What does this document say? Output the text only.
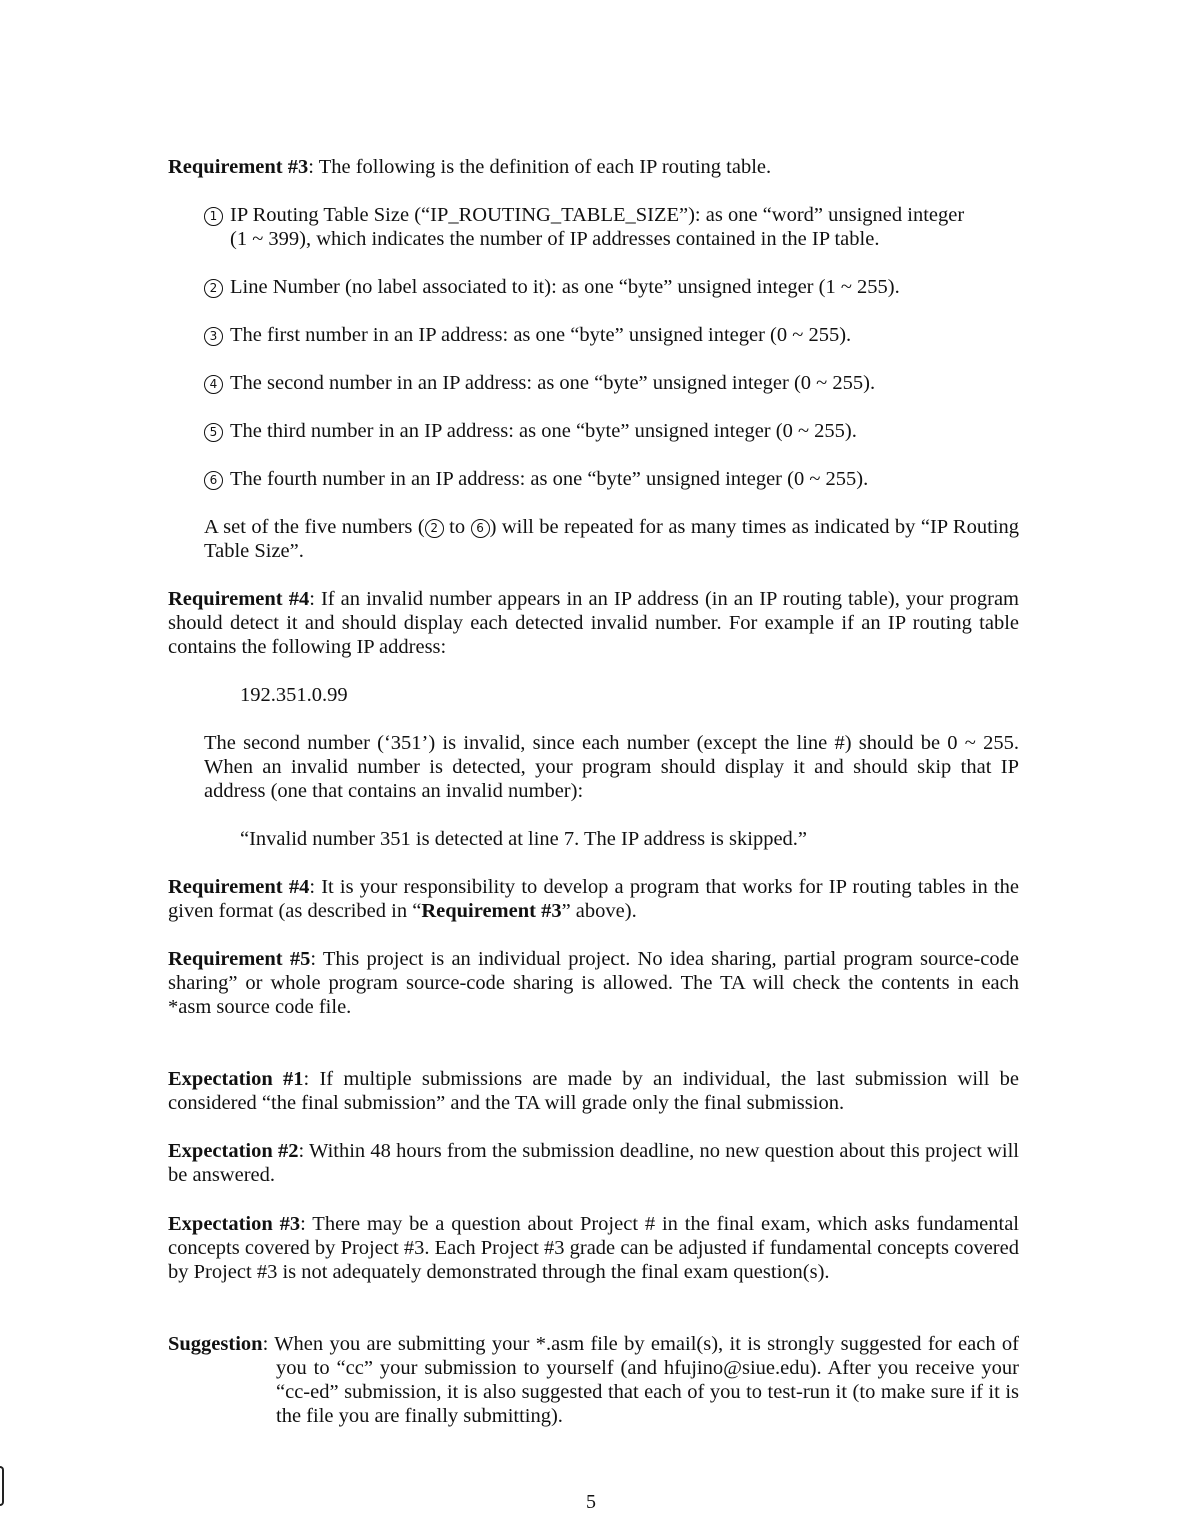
Requirement #3: The following is the definition of each IP routing table.

1 IP Routing Table Size (“IP_ROUTING_TABLE_SIZE”): as one “word” unsigned integer
(1 ~ 399), which indicates the number of IP addresses contained in the IP table.
2 Line Number (no label associated to it): as one “byte” unsigned integer (1 ~ 255).
3 The first number in an IP address: as one “byte” unsigned integer (0 ~ 255).
4 The second number in an IP address: as one “byte” unsigned integer (0 ~ 255).
5 The third number in an IP address: as one “byte” unsigned integer (0 ~ 255).
6 The fourth number in an IP address: as one “byte” unsigned integer (0 ~ 255).

A set of the five numbers ( 2 to 6 ) will be repeated for as many times as indicated by “IP Routing Table Size”.

Requirement #4: If an invalid number appears in an IP address (in an IP routing table), your program should detect it and should display each detected invalid number. For example if an IP routing table contains the following IP address:

192.351.0.99

The second number (‘351’) is invalid, since each number (except the line #) should be 0 ~ 255. When an invalid number is detected, your program should display it and should skip that IP address (one that contains an invalid number):

“Invalid number 351 is detected at line 7. The IP address is skipped.”

Requirement #4: It is your responsibility to develop a program that works for IP routing tables in the given format (as described in “Requirement #3” above).

Requirement #5: This project is an individual project. No idea sharing, partial program source-code sharing” or whole program source-code sharing is allowed. The TA will check the contents in each *asm source code file.

Expectation #1: If multiple submissions are made by an individual, the last submission will be considered “the final submission” and the TA will grade only the final submission.

Expectation #2: Within 48 hours from the submission deadline, no new question about this project will be answered.

Expectation #3: There may be a question about Project # in the final exam, which asks fundamental concepts covered by Project #3. Each Project #3 grade can be adjusted if fundamental concepts covered by Project #3 is not adequately demonstrated through the final exam question(s).

Suggestion: When you are submitting your *.asm file by email(s), it is strongly suggested for each of you to “cc” your submission to yourself (and hfujino@siue.edu). After you receive your “cc-ed” submission, it is also suggested that each of you to test-run it (to make sure if it is the file you are finally submitting).

5
